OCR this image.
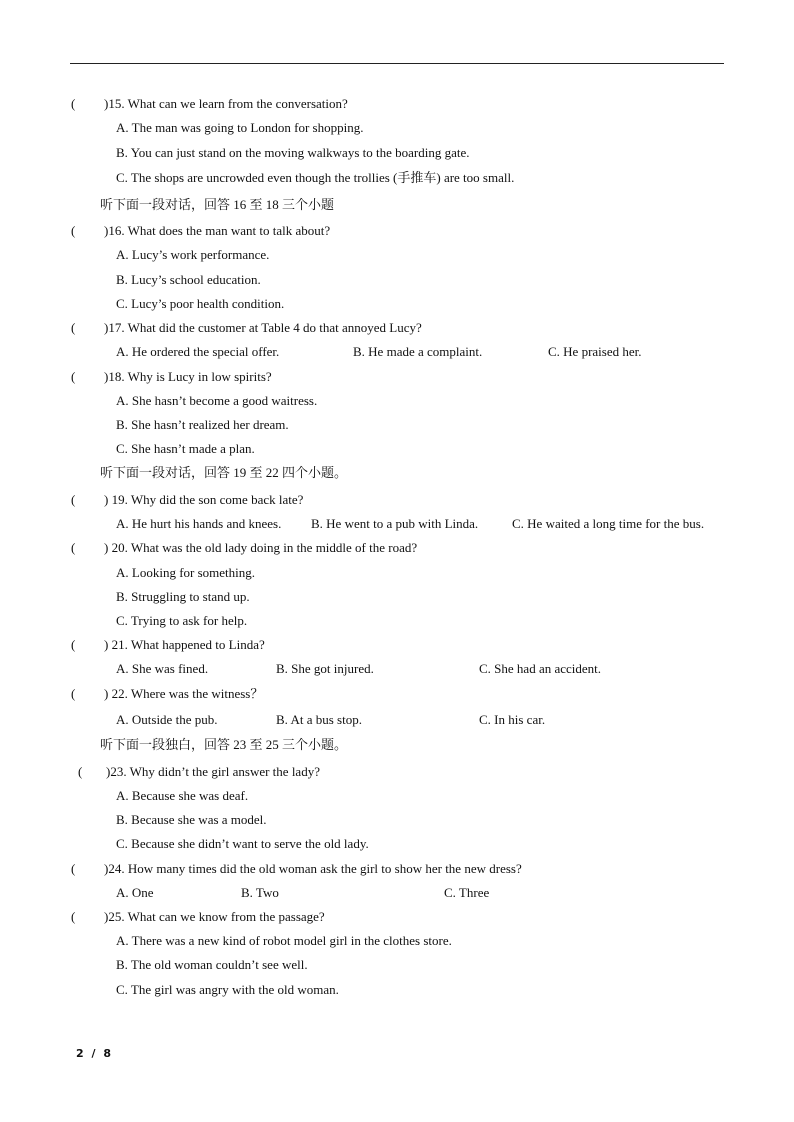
( )15. What can we learn from the conversation?
A. The man was going to London for shopping.
B. You can just stand on the moving walkways to the boarding gate.
C. The shops are uncrowded even though the trollies (手推车) are too small.
听下面一段对话，回答 16 至 18 三个小题
( )16. What does the man want to talk about?
A. Lucy’s work performance.
B. Lucy’s school education.
C. Lucy’s poor health condition.
( )17. What did the customer at Table 4 do that annoyed Lucy?
A. He ordered the special offer.	B. He made a complaint.	C. He praised her.
( )18. Why is Lucy in low spirits?
A. She hasn’t become a good waitress.
B. She hasn’t realized her dream.
C. She hasn’t made a plan.
听下面一段对话，回答 19 至 22 四个小题。
( ) 19. Why did the son come back late?
A. He hurt his hands and knees. B. He went to a pub with Linda.	C. He waited a long time for the bus.
( ) 20. What was the old lady doing in the middle of the road?
A. Looking for something.
B. Struggling to stand up.
C. Trying to ask for help.
( ) 21. What happened to Linda?
A. She was fined.	B. She got injured.	C. She had an accident.
( ) 22. Where was the witness？
A. Outside the pub.	B. At a bus stop.	C. In his car.
听下面一段独白，回答 23 至 25 三个小题。
( )23. Why didn’t the girl answer the lady?
A. Because she was deaf.
B. Because she was a model.
C. Because she didn’t want to serve the old lady.
( )24. How many times did the old woman ask the girl to show her the new dress?
A. One	B. Two	C. Three
( )25. What can we know from the passage?
A. There was a new kind of robot model girl in the clothes store.
B. The old woman couldn’t see well.
C. The girl was angry with the old woman.
2 / 8
